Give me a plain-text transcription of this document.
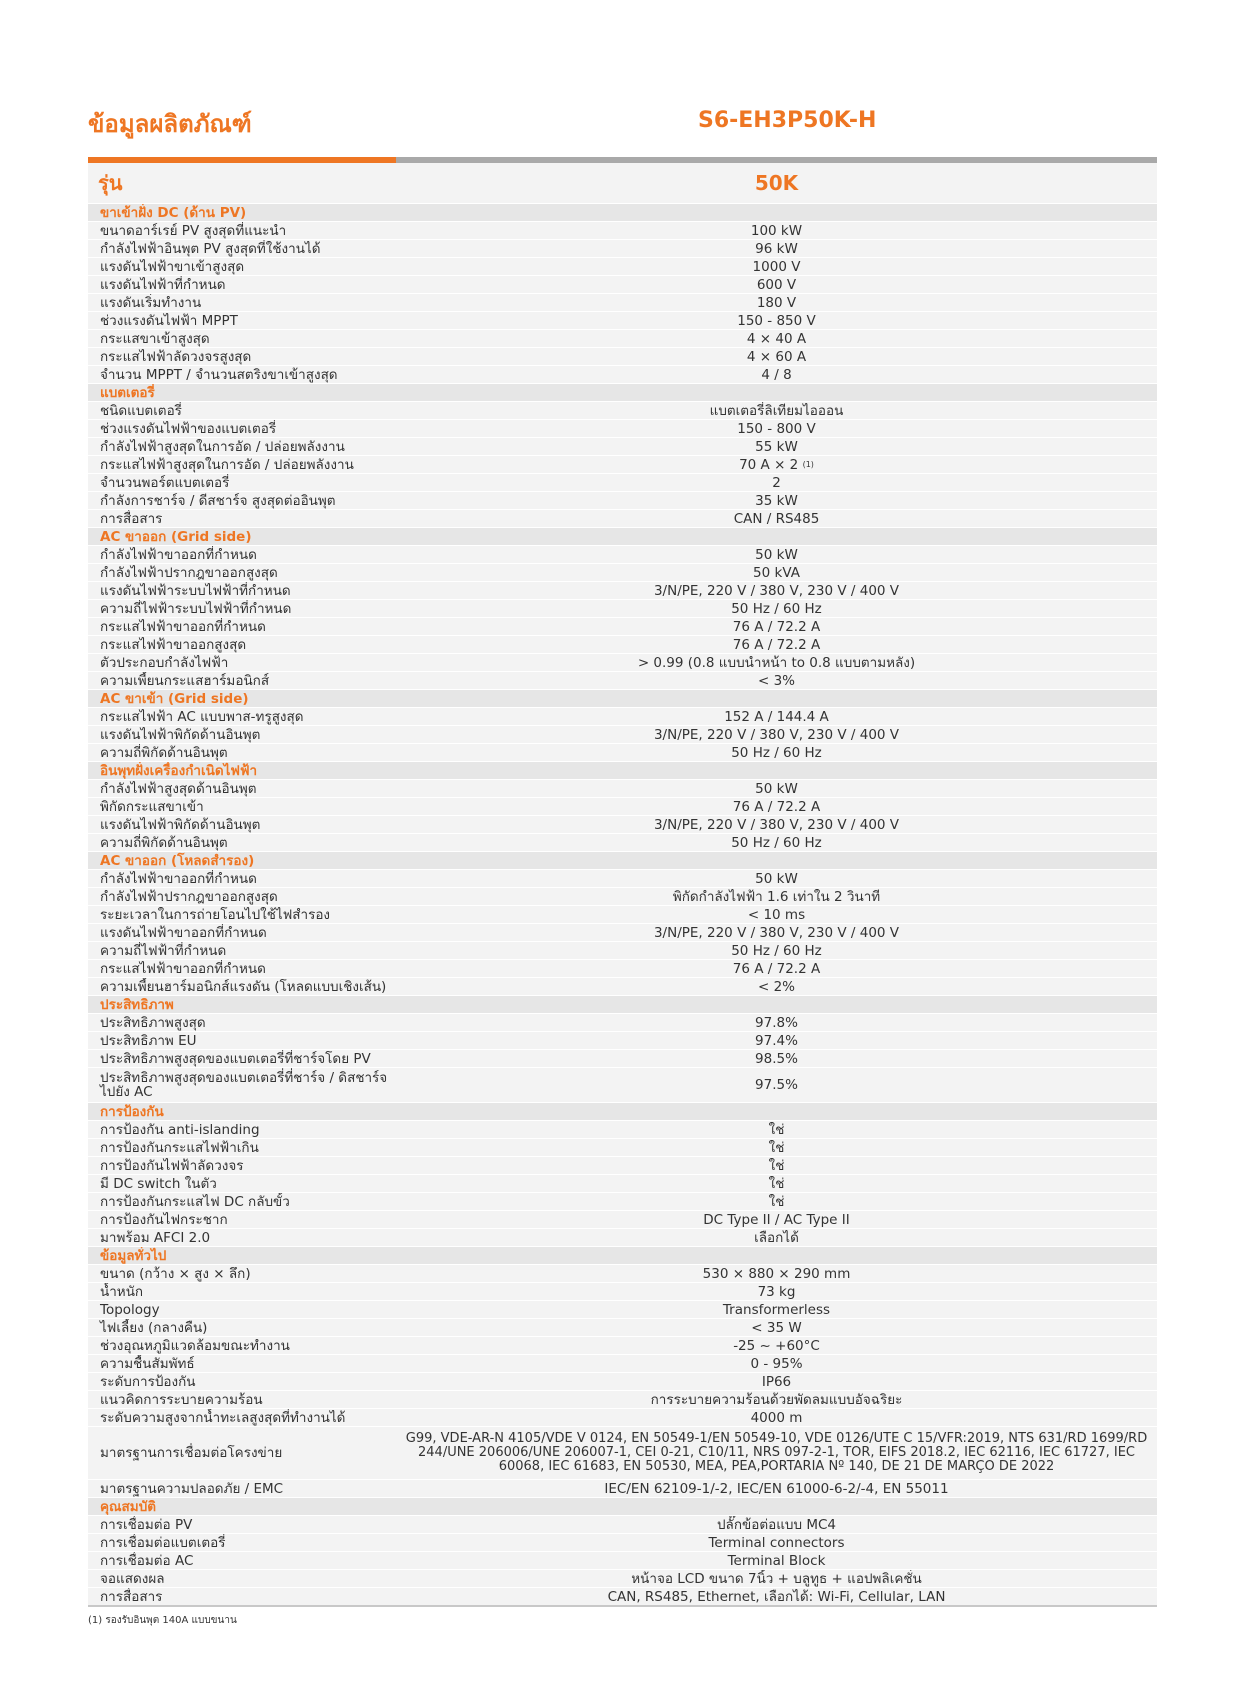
ข้อมูลผลิตภัณฑ์	S6-EH3P50K-H
รุ่น	50K
ขาเข้าฝั่ง DC (ด้าน PV)	
ขนาดอาร์เรย์ PV สูงสุดที่แนะนำ	100 kW
กำลังไฟฟ้าอินพุต PV สูงสุดที่ใช้งานได้	96 kW
แรงดันไฟฟ้าขาเข้าสูงสุด	1000 V
แรงดันไฟฟ้าที่กำหนด	600 V
แรงดันเริ่มทำงาน	180 V
ช่วงแรงดันไฟฟ้า MPPT	150 - 850 V
กระแสขาเข้าสูงสุด	4 × 40 A
กระแสไฟฟ้าลัดวงจรสูงสุด	4 × 60 A
จำนวน MPPT / จำนวนสตริงขาเข้าสูงสุด	4 / 8
แบตเตอรี่	
ชนิดแบตเตอรี่	แบตเตอรี่ลิเทียมไอออน
ช่วงแรงดันไฟฟ้าของแบตเตอรี่	150 - 800 V
กำลังไฟฟ้าสูงสุดในการอัด / ปล่อยพลังงาน	55 kW
กระแสไฟฟ้าสูงสุดในการอัด / ปล่อยพลังงาน	70 A × 2 $^{(1)}$
จำนวนพอร์ตแบตเตอรี่	2
กำลังการชาร์จ / ดีสชาร์จ สูงสุดต่ออินพุต	35 kW
การสื่อสาร	CAN / RS485
AC ขาออก (Grid side)	
กำลังไฟฟ้าขาออกที่กำหนด	50 kW
กำลังไฟฟ้าปรากฎขาออกสูงสุด	50 kVA
แรงดันไฟฟ้าระบบไฟฟ้าที่กำหนด	3/N/PE, 220 V / 380 V, 230 V / 400 V
ความถี่ไฟฟ้าระบบไฟฟ้าที่กำหนด	50 Hz / 60 Hz
กระแสไฟฟ้าขาออกที่กำหนด	76 A / 72.2 A
กระแสไฟฟ้าขาออกสูงสุด	76 A / 72.2 A
ตัวประกอบกำลังไฟฟ้า	> 0.99 (0.8 แบบนำหน้า to 0.8 แบบตามหลัง)
ความเพี้ยนกระแสฮาร์มอนิกส์	< 3%
AC ขาเข้า (Grid side)	
กระแสไฟฟ้า AC แบบพาส-ทรูสูงสุด	152 A / 144.4 A
แรงดันไฟฟ้าพิกัดด้านอินพุต	3/N/PE, 220 V / 380 V, 230 V / 400 V
ความถี่พิกัดด้านอินพุต	50 Hz / 60 Hz
อินพุทฝั่งเครื่องกำเนิดไฟฟ้า	
กำลังไฟฟ้าสูงสุดด้านอินพุต	50 kW
พิกัดกระแสขาเข้า	76 A / 72.2 A
แรงดันไฟฟ้าพิกัดด้านอินพุต	3/N/PE, 220 V / 380 V, 230 V / 400 V
ความถี่พิกัดด้านอินพุต	50 Hz / 60 Hz
AC ขาออก (โหลดสำรอง)	
กำลังไฟฟ้าขาออกที่กำหนด	50 kW
กำลังไฟฟ้าปรากฎขาออกสูงสุด	พิกัดกำลังไฟฟ้า 1.6 เท่าใน 2 วินาที
ระยะเวลาในการถ่ายโอนไปใช้ไฟสำรอง	< 10 ms
แรงดันไฟฟ้าขาออกที่กำหนด	3/N/PE, 220 V / 380 V, 230 V / 400 V
ความถี่ไฟฟ้าที่กำหนด	50 Hz / 60 Hz
กระแสไฟฟ้าขาออกที่กำหนด	76 A / 72.2 A
ความเพี้ยนฮาร์มอนิกส์แรงดัน (โหลดแบบเชิงเส้น)	< 2%
ประสิทธิภาพ	
ประสิทธิภาพสูงสุด	97.8%
ประสิทธิภาพ EU	97.4%
ประสิทธิภาพสูงสุดของแบตเตอรี่ที่ชาร์จโดย PV	98.5%
ประสิทธิภาพสูงสุดของแบตเตอรี่ที่ชาร์จ / ดิสชาร์จไปยัง AC	97.5%
การป้องกัน	
การป้องกัน anti-islanding	ใช่
การป้องกันกระแสไฟฟ้าเกิน	ใช่
การป้องกันไฟฟ้าลัดวงจร	ใช่
มี DC switch ในตัว	ใช่
การป้องกันกระแสไฟ DC กลับขั้ว	ใช่
การป้องกันไฟกระชาก	DC Type II / AC Type II
มาพร้อม AFCI 2.0	เลือกได้
ข้อมูลทั่วไป	
ขนาด (กว้าง × สูง × ลึก)	530 × 880 × 290 mm
น้ำหนัก	73 kg
Topology	Transformerless
ไฟเลี้ยง (กลางคืน)	< 35 W
ช่วงอุณหภูมิแวดล้อมขณะทำงาน	-25 ~ +60°C
ความชื้นสัมพัทธ์	0 - 95%
ระดับการป้องกัน	IP66
แนวคิดการระบายความร้อน	การระบายความร้อนด้วยพัดลมแบบอัจฉริยะ
ระดับความสูงจากน้ำทะเลสูงสุดที่ทำงานได้	4000 m
มาตรฐานการเชื่อมต่อโครงข่าย	G99, VDE-AR-N 4105/VDE V 0124, EN 50549-1/EN 50549-10, VDE 0126/UTE C 15/VFR:2019, NTS 631/RD 1699/RD 244/UNE 206006/UNE 206007-1, CEI 0-21, C10/11, NRS 097-2-1, TOR, EIFS 2018.2, IEC 62116, IEC 61727, IEC 60068, IEC 61683, EN 50530, MEA, PEA,PORTARIA Nº 140, DE 21 DE MARÇO DE 2022
มาตรฐานความปลอดภัย / EMC	IEC/EN 62109-1/-2, IEC/EN 61000-6-2/-4, EN 55011
คุณสมบัติ	
การเชื่อมต่อ PV	ปลั๊กข้อต่อแบบ MC4
การเชื่อมต่อแบตเตอรี่	Terminal connectors
การเชื่อมต่อ AC	Terminal Block
จอแสดงผล	หน้าจอ LCD ขนาด 7นิ้ว + บลูทูธ + แอปพลิเคชั่น
การสื่อสาร	CAN, RS485, Ethernet, เลือกได้: Wi-Fi, Cellular, LAN
(1) รองรับอินพุต 140A แบบขนาน
